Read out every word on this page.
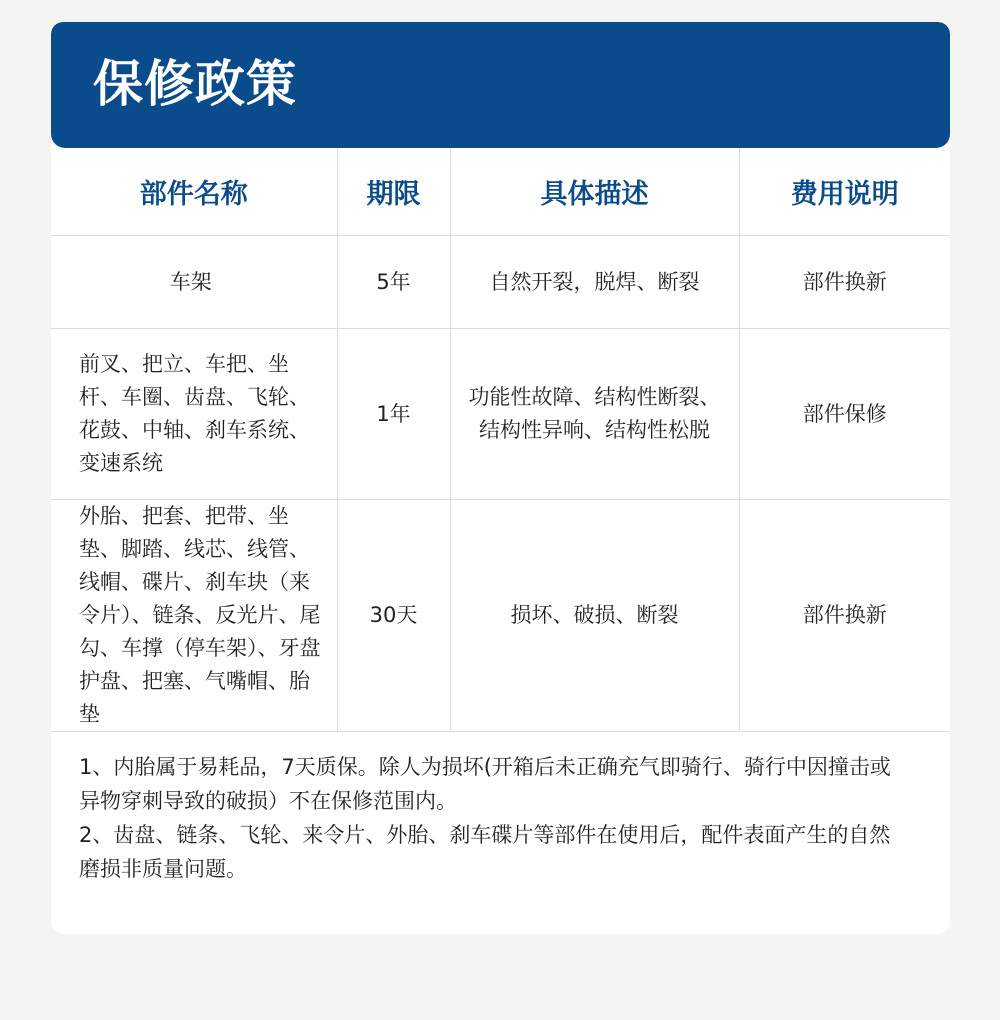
保修政策
部件名称	期限	具体描述	费用说明
车架	5年	自然开裂，脱焊、断裂	部件换新
前叉、把立、车把、坐杆、车圈、齿盘、飞轮、花鼓、中轴、刹车系统、变速系统	1年	功能性故障、结构性断裂、结构性异响、结构性松脱	部件保修
外胎、把套、把带、坐垫、脚踏、线芯、线管、线帽、碟片、刹车块（来令片）、链条、反光片、尾勾、车撑（停车架）、牙盘护盘、把塞、气嘴帽、胎垫	30天	损坏、破损、断裂	部件换新
1、内胎属于易耗品，7天质保。除人为损坏(开箱后未正确充气即骑行、骑行中因撞击或异物穿刺导致的破损）不在保修范围内。
2、齿盘、链条、飞轮、来令片、外胎、刹车碟片等部件在使用后，配件表面产生的自然磨损非质量问题。
